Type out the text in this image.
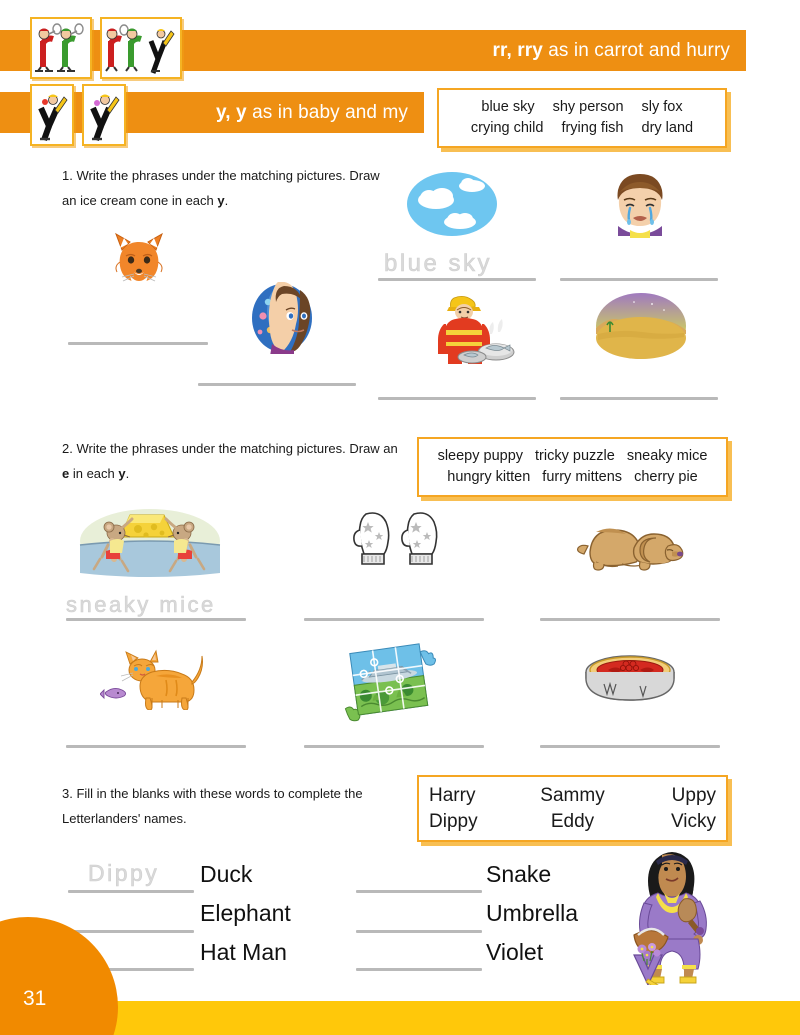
rr, rry as in carrot and hurry
y, y as in baby and my	blue sky shy person sly fox
crying child frying fish dry land
1. Write the phrases under the matching pictures. Draw an ice cream cone in each y.
blue sky
2. Write the phrases under the matching pictures. Draw an e in each y.
sleepy puppy tricky puzzle sneaky mice
hungry kitten furry mittens cherry pie
sneaky mice
3. Fill in the blanks with these words to complete the Letterlanders' names.
Harry	Sammy	Uppy
Dippy	Eddy	Vicky
Dippy Duck
Elephant
Hat Man
Snake
Umbrella
Violet
31
